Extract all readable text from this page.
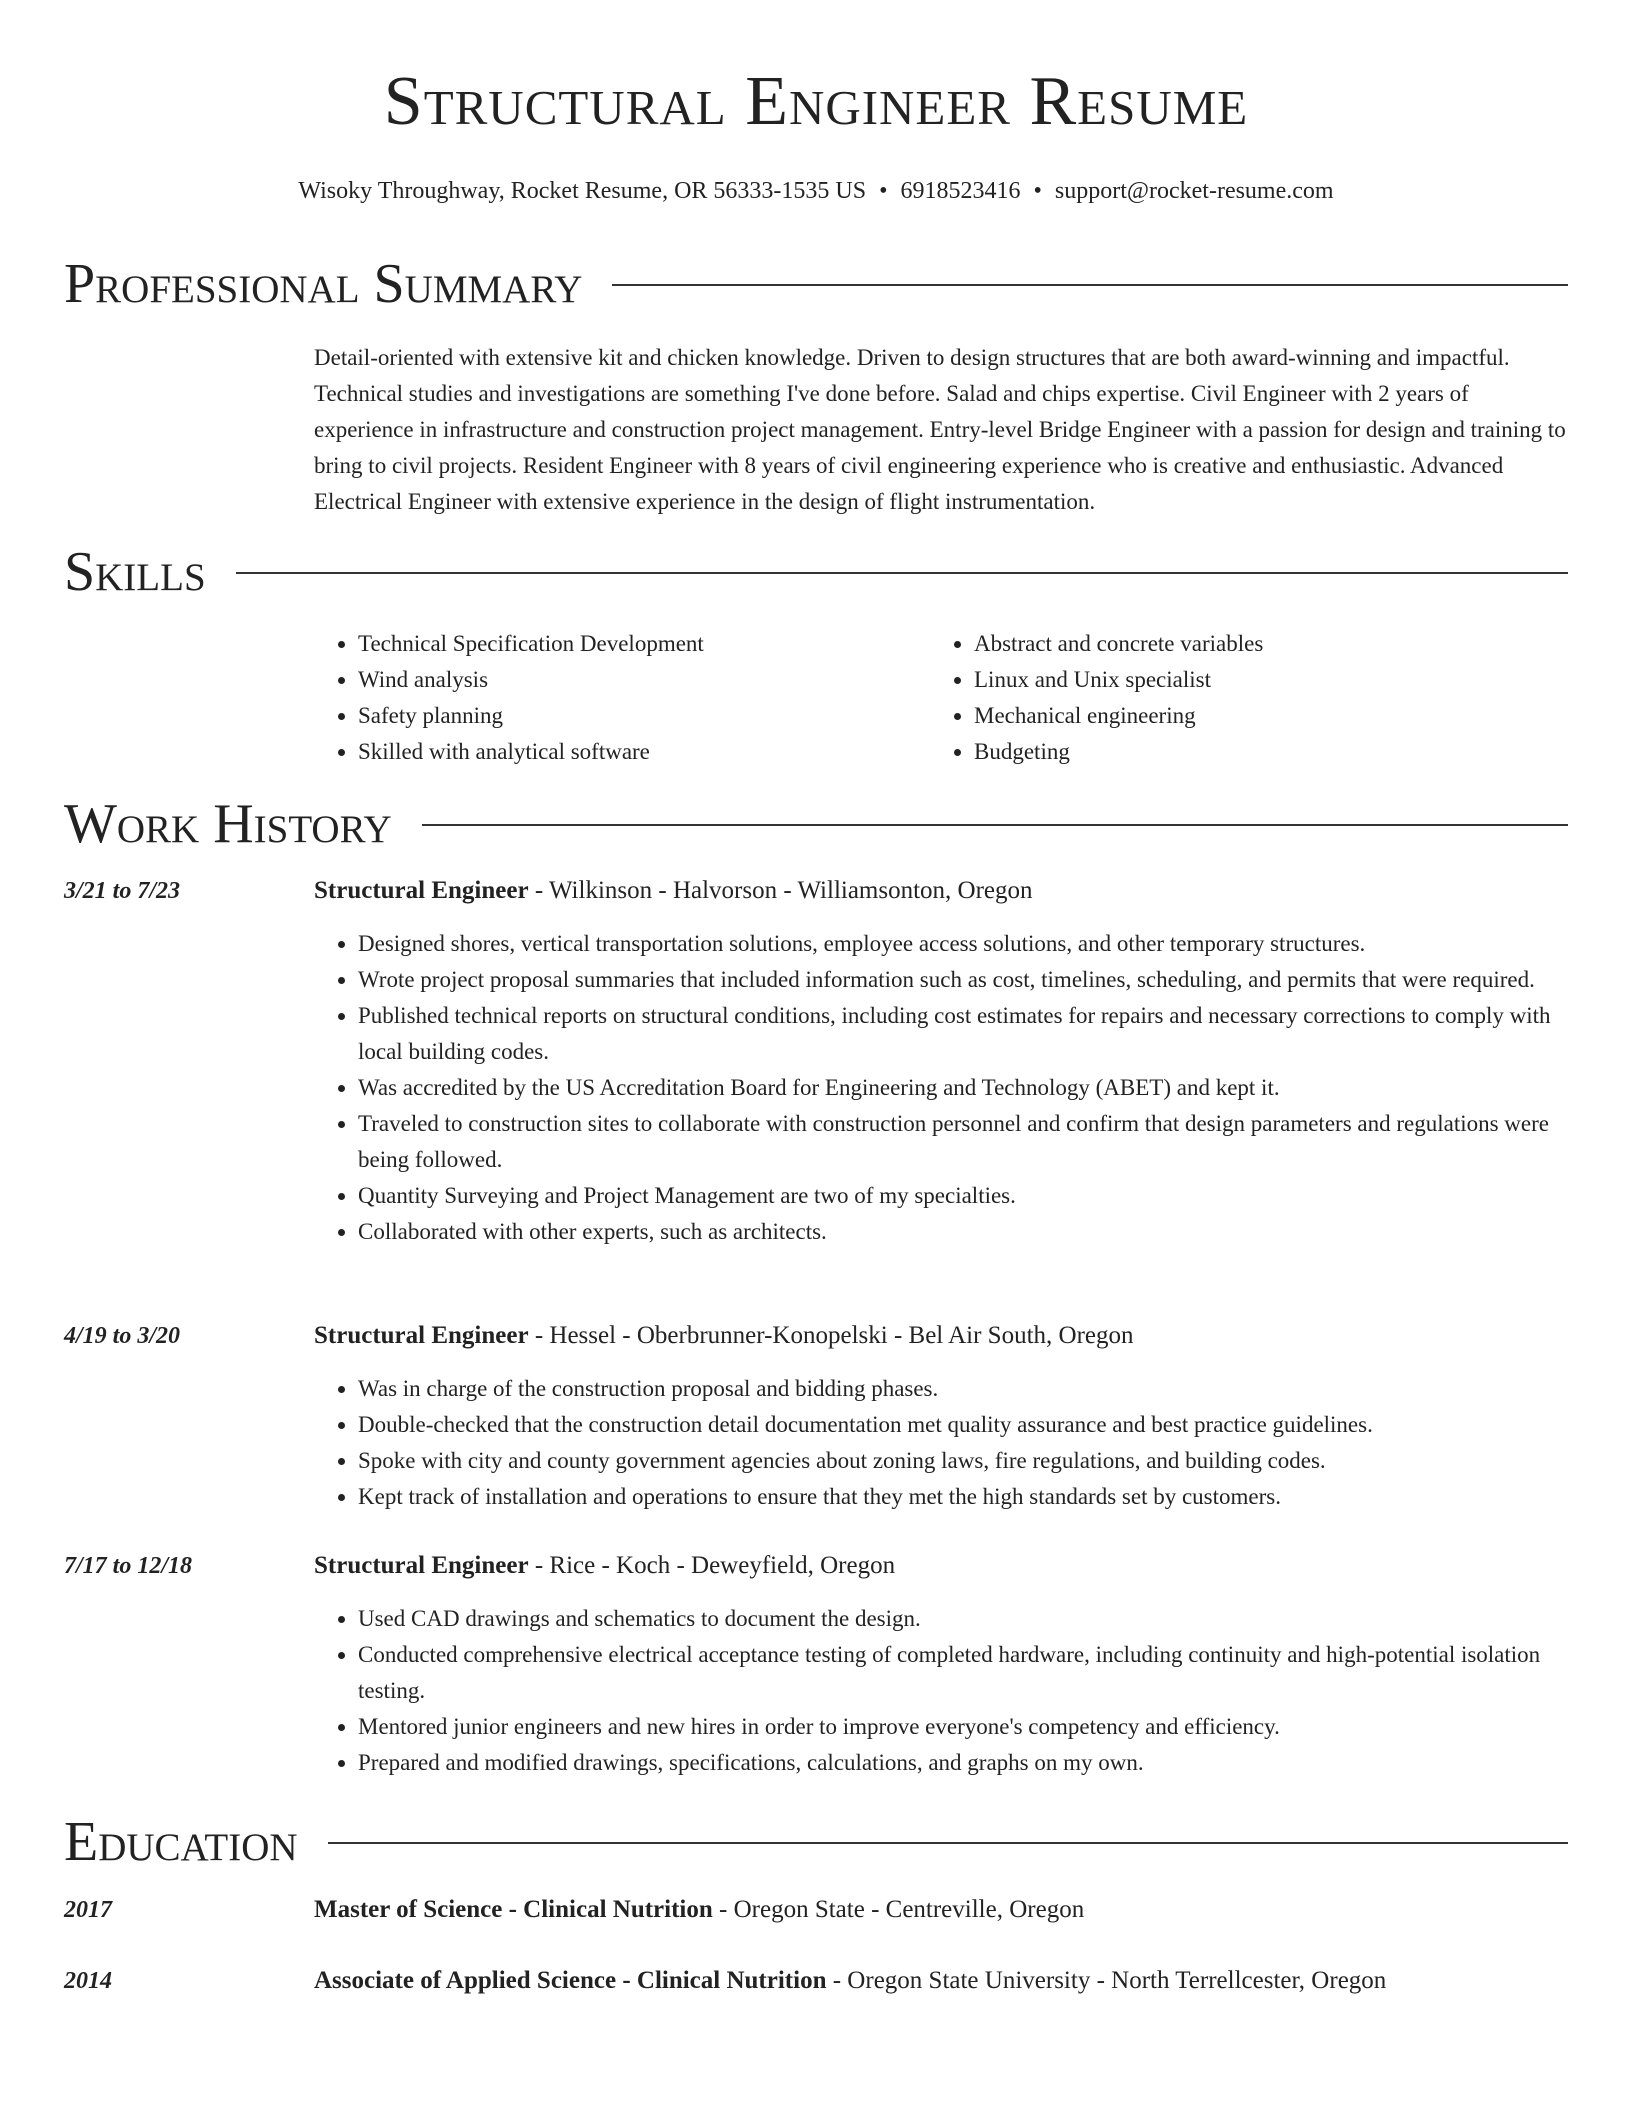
Structural Engineer Resume
Wisoky Throughway, Rocket Resume, OR 56333-1535 US • 6918523416 • support@rocket-resume.com
Professional Summary

Detail-oriented with extensive kit and chicken knowledge. Driven to design structures that are both award-winning and impactful. Technical studies and investigations are something I've done before. Salad and chips expertise. Civil Engineer with 2 years of experience in infrastructure and construction project management. Entry-level Bridge Engineer with a passion for design and training to bring to civil projects. Resident Engineer with 8 years of civil engineering experience who is creative and enthusiastic. Advanced Electrical Engineer with extensive experience in the design of flight instrumentation.

Skills
• Technical Specification Development
• Wind analysis
• Safety planning
• Skilled with analytical software
• Abstract and concrete variables
• Linux and Unix specialist
• Mechanical engineering
• Budgeting
Work History
3/21 to 7/23	Structural Engineer - Wilkinson - Halvorson - Williamsonton, Oregon
• Designed shores, vertical transportation solutions, employee access solutions, and other temporary structures.
• Wrote project proposal summaries that included information such as cost, timelines, scheduling, and permits that were required.
• Published technical reports on structural conditions, including cost estimates for repairs and necessary corrections to comply with local building codes.
• Was accredited by the US Accreditation Board for Engineering and Technology (ABET) and kept it.
• Traveled to construction sites to collaborate with construction personnel and confirm that design parameters and regulations were being followed.
• Quantity Surveying and Project Management are two of my specialties.
• Collaborated with other experts, such as architects.
4/19 to 3/20	Structural Engineer - Hessel - Oberbrunner-Konopelski - Bel Air South, Oregon
• Was in charge of the construction proposal and bidding phases.
• Double-checked that the construction detail documentation met quality assurance and best practice guidelines.
• Spoke with city and county government agencies about zoning laws, fire regulations, and building codes.
• Kept track of installation and operations to ensure that they met the high standards set by customers.
7/17 to 12/18	Structural Engineer - Rice - Koch - Deweyfield, Oregon
• Used CAD drawings and schematics to document the design.
• Conducted comprehensive electrical acceptance testing of completed hardware, including continuity and high-potential isolation testing.
• Mentored junior engineers and new hires in order to improve everyone's competency and efficiency.
• Prepared and modified drawings, specifications, calculations, and graphs on my own.
Education
2017	Master of Science - Clinical Nutrition - Oregon State - Centreville, Oregon
2014	Associate of Applied Science - Clinical Nutrition - Oregon State University - North Terrellcester, Oregon
